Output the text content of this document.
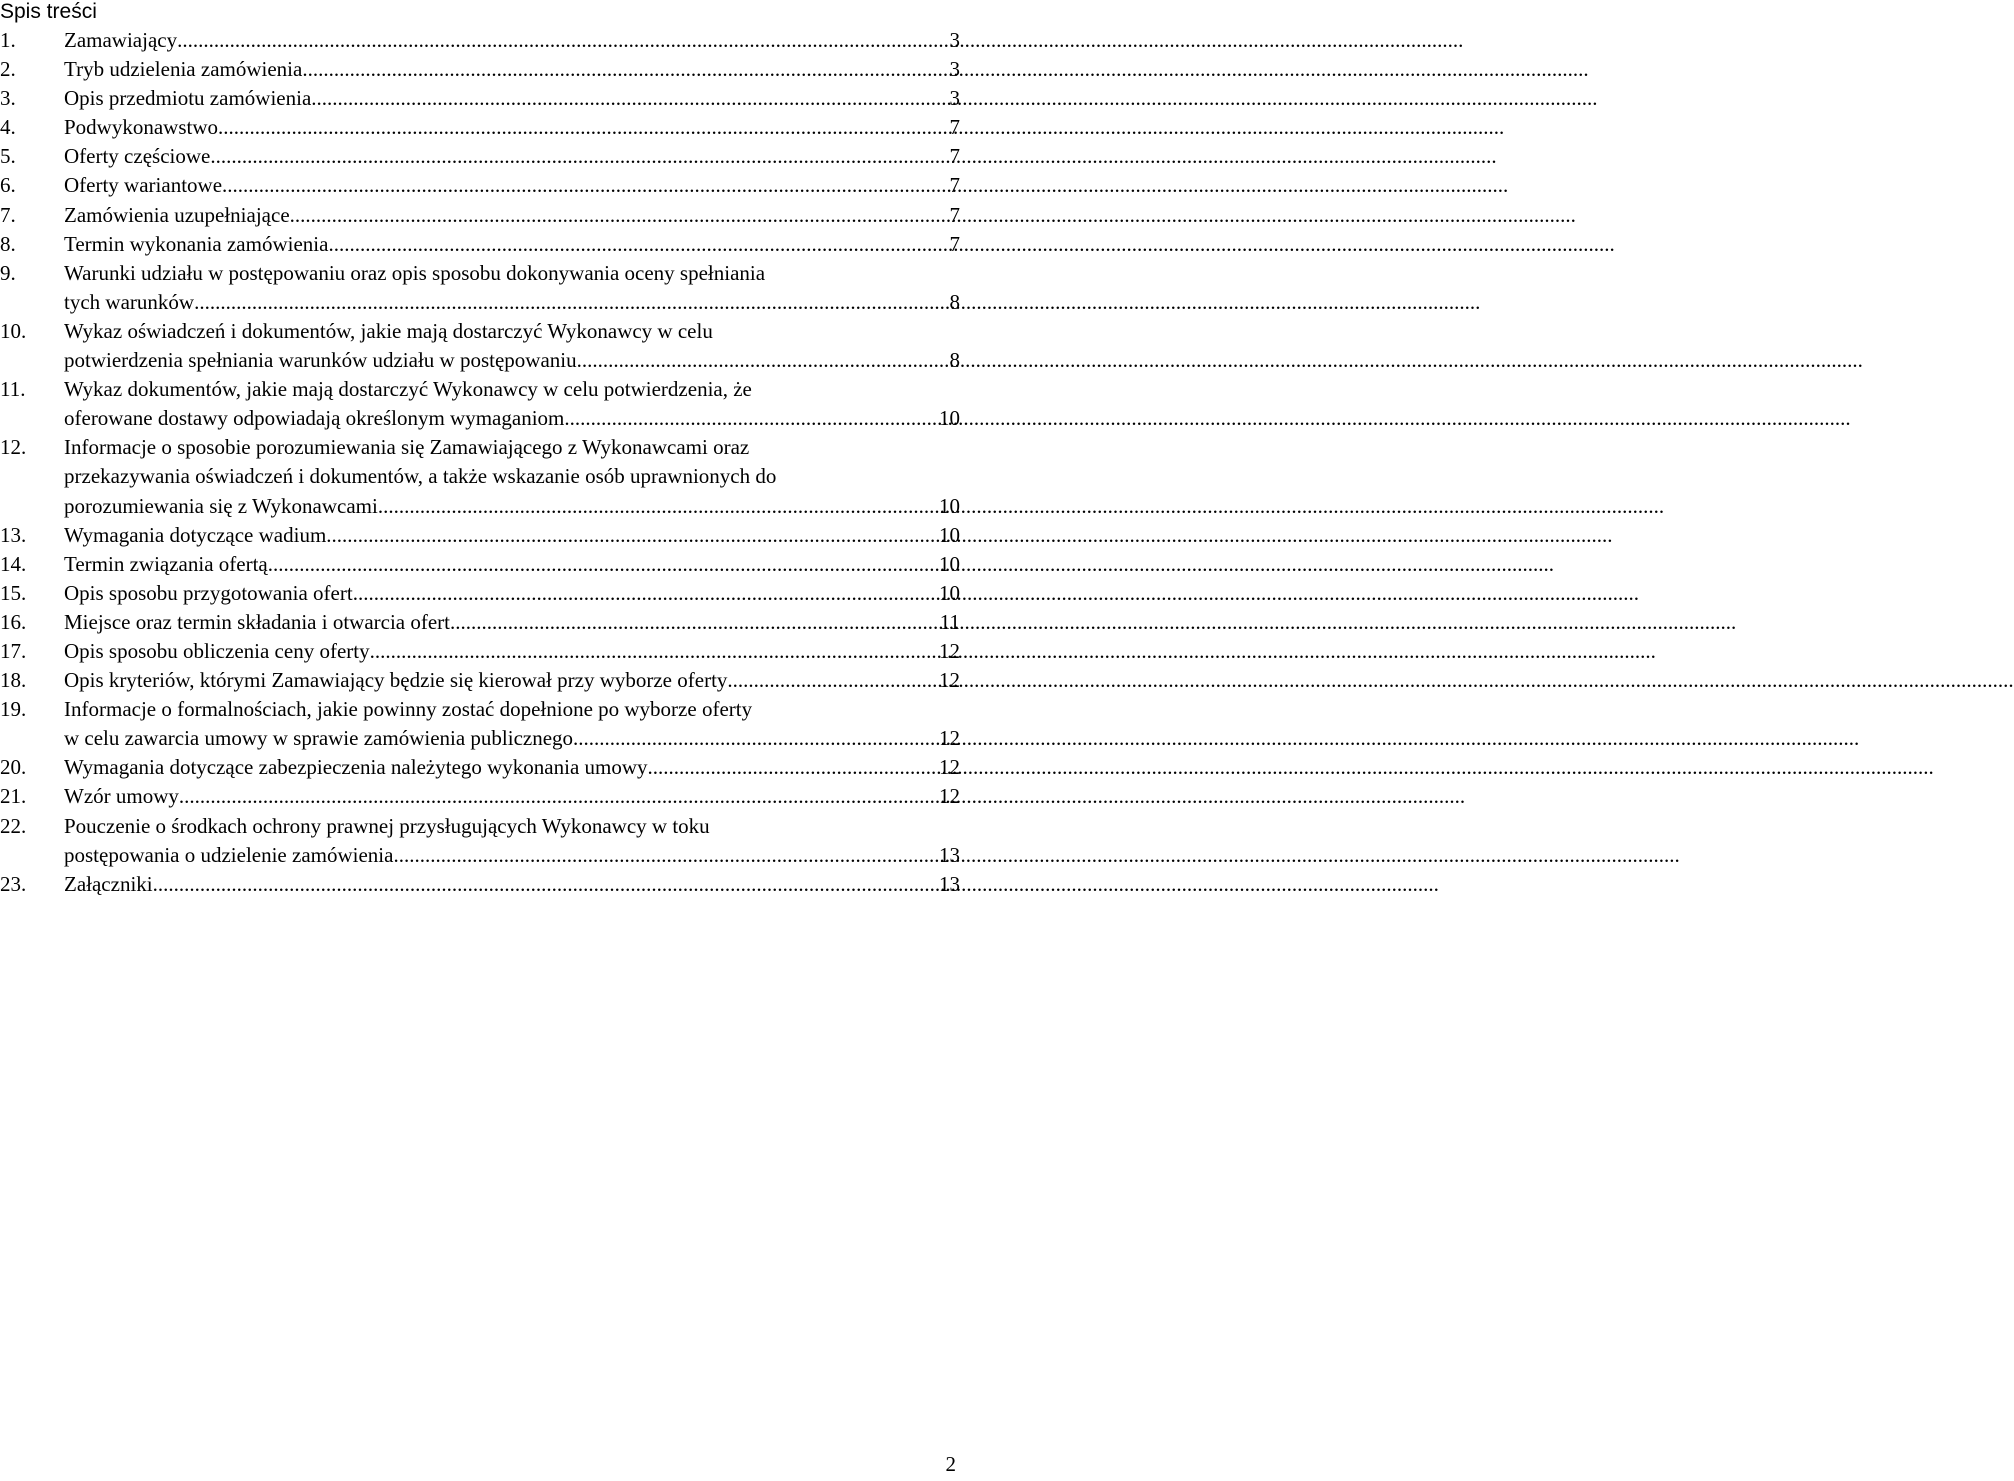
Spis treści
1. Zamawiający .....	3
2. Tryb udzielenia zamówienia .....	3
3. Opis przedmiotu zamówienia .....	3
4. Podwykonawstwo .....	7
5. Oferty częściowe .....	7
6. Oferty wariantowe .....	7
7. Zamówienia uzupełniające .....	7
8. Termin wykonania zamówienia .....	7
9. Warunki udziału w postępowaniu oraz opis sposobu dokonywania oceny spełniania
tych warunków .....	8
10. Wykaz oświadczeń i dokumentów, jakie mają dostarczyć Wykonawcy w celu
potwierdzenia spełniania warunków udziału w postępowaniu .....	8
11. Wykaz dokumentów, jakie mają dostarczyć Wykonawcy w celu potwierdzenia, że
oferowane dostawy odpowiadają określonym wymaganiom .....	10
12. Informacje o sposobie porozumiewania się Zamawiającego z Wykonawcami oraz
przekazywania oświadczeń i dokumentów, a także wskazanie osób uprawnionych do
porozumiewania się z Wykonawcami .....	10
13. Wymagania dotyczące wadium .....	10
14. Termin związania ofertą .....	10
15. Opis sposobu przygotowania ofert .....	10
16. Miejsce oraz termin składania i otwarcia ofert .....	11
17. Opis sposobu obliczenia ceny oferty .....	12
18. Opis kryteriów, którymi Zamawiający będzie się kierował przy wyborze oferty .....	12
19. Informacje o formalnościach, jakie powinny zostać dopełnione po wyborze oferty
w celu zawarcia umowy w sprawie zamówienia publicznego .....	12
20. Wymagania dotyczące zabezpieczenia należytego wykonania umowy .....	12
21. Wzór umowy .....	12
22. Pouczenie o środkach ochrony prawnej przysługujących Wykonawcy w toku
postępowania o udzielenie zamówienia .....	13
23. Załączniki .....	13
2
